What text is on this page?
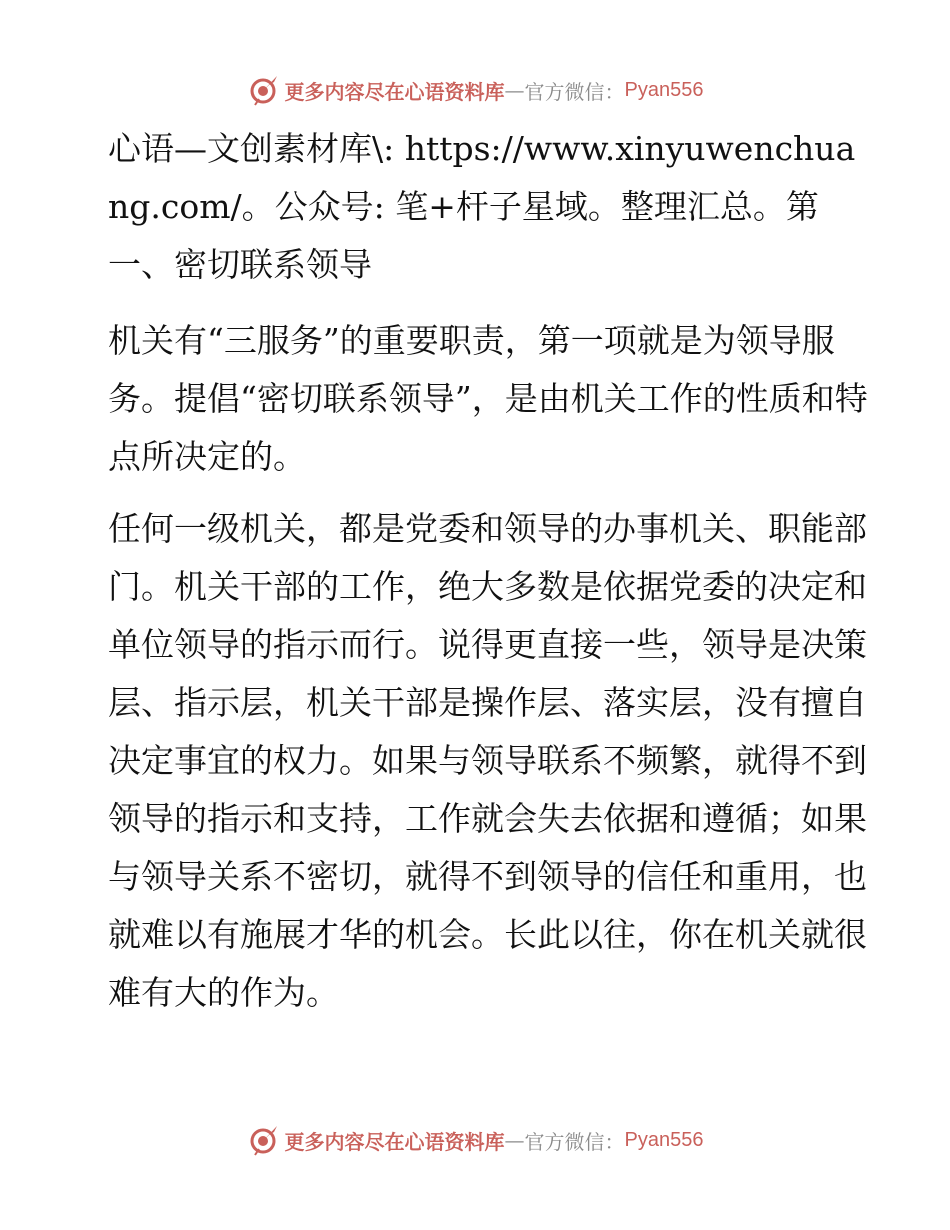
更多内容尽在心语资料库 — 官方微信： Pyan556
心语—文创素材库\: https://www.xinyuwenchuang.com/。公众号: 笔+杆子星域。整理汇总。第一、密切联系领导
机关有“三服务”的重要职责，第一项就是为领导服务。提倡“密切联系领导”，是由机关工作的性质和特点所决定的。
任何一级机关，都是党委和领导的办事机关、职能部门。机关干部的工作，绝大多数是依据党委的决定和单位领导的指示而行。说得更直接一些，领导是决策层、指示层，机关干部是操作层、落实层，没有擅自决定事宜的权力。如果与领导联系不频繁，就得不到领导的指示和支持，工作就会失去依据和遵循；如果与领导关系不密切，就得不到领导的信任和重用，也就难以有施展才华的机会。长此以往，你在机关就很难有大的作为。
更多内容尽在心语资料库 — 官方微信： Pyan556
